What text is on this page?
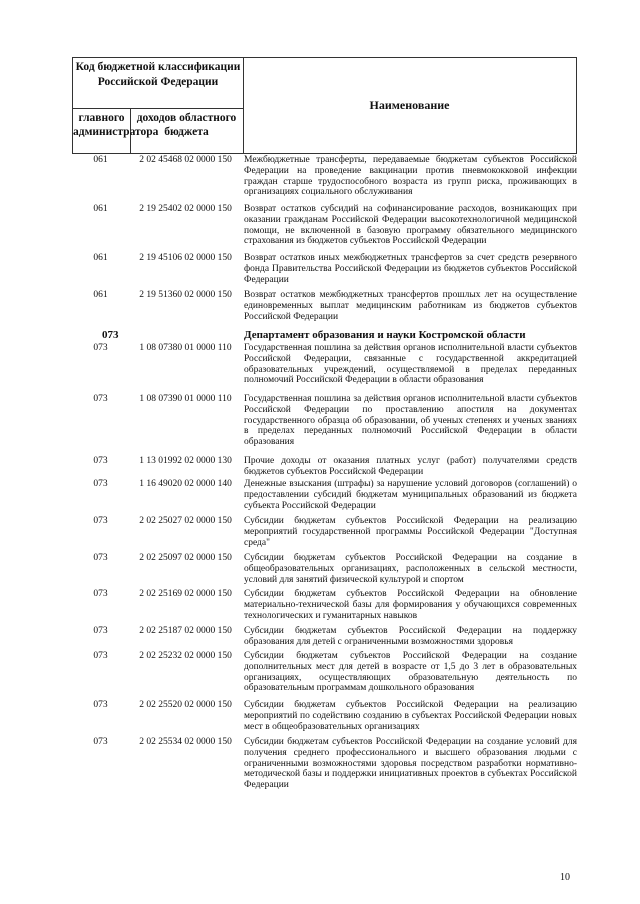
Код бюджетной классификации Российской Федерации
главного администратора
доходов областного бюджета
Наименование
061	2 02 45468 02 0000 150	Межбюджетные трансферты, передаваемые бюджетам субъектов Российской Федерации на проведение вакцинации против пневмококковой инфекции граждан старше трудоспособного возраста из групп риска, проживающих в организациях социального обслуживания
061	2 19 25402 02 0000 150	Возврат остатков субсидий на софинансирование расходов, возникающих при оказании гражданам Российской Федерации высокотехнологичной медицинской помощи, не включенной в базовую программу обязательного медицинского страхования из бюджетов субъектов Российской Федерации
061	2 19 45106 02 0000 150	Возврат остатков иных межбюджетных трансфертов за счет средств резервного фонда Правительства Российской Федерации из бюджетов субъектов Российской Федерации
061	2 19 51360 02 0000 150	Возврат остатков межбюджетных трансфертов прошлых лет на осуществление единовременных выплат медицинским работникам из бюджетов субъектов Российской Федерации
073	Департамент образования и науки Костромской области
073	1 08 07380 01 0000 110	Государственная пошлина за действия органов исполнительной власти субъектов Российской Федерации, связанные с государственной аккредитацией образовательных учреждений, осуществляемой в пределах переданных полномочий Российской Федерации в области образования
073	1 08 07390 01 0000 110	Государственная пошлина за действия органов исполнительной власти субъектов Российской Федерации по проставлению апостиля на документах государственного образца об образовании, об ученых степенях и ученых званиях в пределах переданных полномочий Российской Федерации в области образования
073	1 13 01992 02 0000 130	Прочие доходы от оказания платных услуг (работ) получателями средств бюджетов субъектов Российской Федерации
073	1 16 49020 02 0000 140	Денежные взыскания (штрафы) за нарушение условий договоров (соглашений) о предоставлении субсидий бюджетам муниципальных образований из бюджета субъекта Российской Федерации
073	2 02 25027 02 0000 150	Субсидии бюджетам субъектов Российской Федерации на реализацию мероприятий государственной программы Российской Федерации "Доступная среда"
073	2 02 25097 02 0000 150	Субсидии бюджетам субъектов Российской Федерации на создание в общеобразовательных организациях, расположенных в сельской местности, условий для занятий физической культурой и спортом
073	2 02 25169 02 0000 150	Субсидии бюджетам субъектов Российской Федерации на обновление материально-технической базы для формирования у обучающихся современных технологических и гуманитарных навыков
073	2 02 25187 02 0000 150	Субсидии бюджетам субъектов Российской Федерации на поддержку образования для детей с ограниченными возможностями здоровья
073	2 02 25232 02 0000 150	Субсидии бюджетам субъектов Российской Федерации на создание дополнительных мест для детей в возрасте от 1,5 до 3 лет в образовательных организациях, осуществляющих образовательную деятельность по образовательным программам дошкольного образования
073	2 02 25520 02 0000 150	Субсидии бюджетам субъектов Российской Федерации на реализацию мероприятий по содействию созданию в субъектах Российской Федерации новых мест в общеобразовательных организациях
073	2 02 25534 02 0000 150	Субсидии бюджетам субъектов Российской Федерации на создание условий для получения среднего профессионального и высшего образования людьми с ограниченными возможностями здоровья посредством разработки нормативно-методической базы и поддержки инициативных проектов в субъектах Российской Федерации
10
